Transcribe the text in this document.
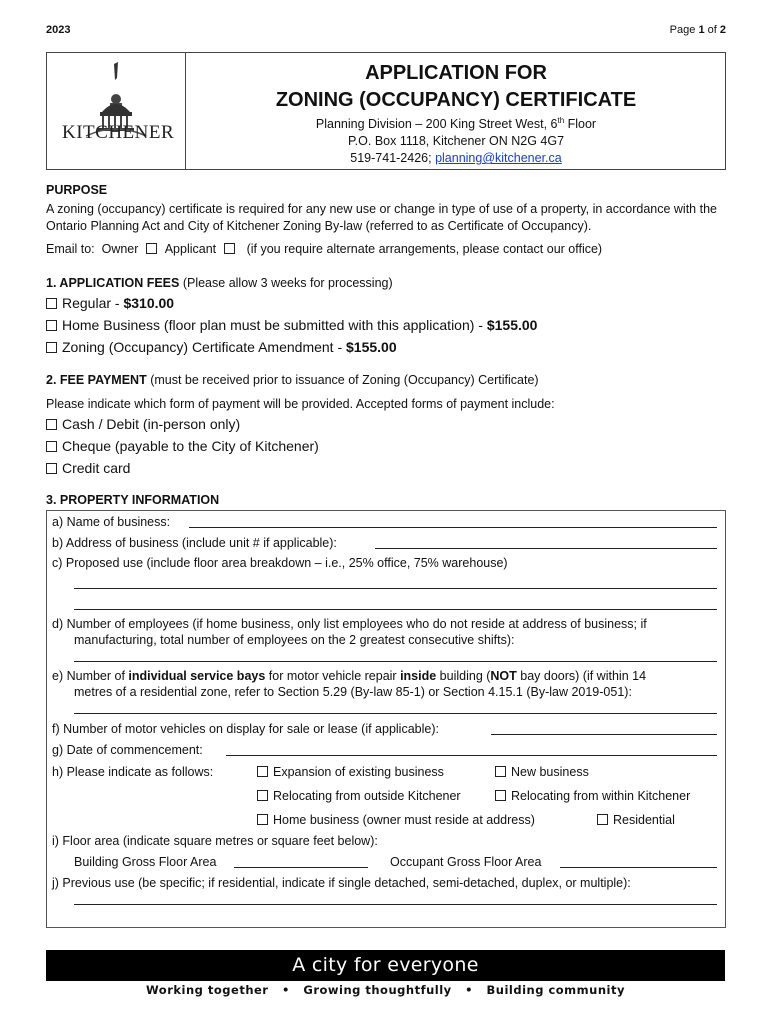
2023	Page 1 of 2
KITCHENER
APPLICATION FOR
ZONING (OCCUPANCY) CERTIFICATE
Planning Division – 200 King Street West, 6th Floor
P.O. Box 1118, Kitchener ON N2G 4G7
519-741-2426; planning@kitchener.ca
PURPOSE
A zoning (occupancy) certificate is required for any new use or change in type of use of a property, in accordance with the Ontario Planning Act and City of Kitchener Zoning By-law (referred to as Certificate of Occupancy).
Email to: Owner Applicant (if you require alternate arrangements, please contact our office)
1. APPLICATION FEES (Please allow 3 weeks for processing)
Regular - $310.00
Home Business (floor plan must be submitted with this application) - $155.00
Zoning (Occupancy) Certificate Amendment - $155.00
2. FEE PAYMENT (must be received prior to issuance of Zoning (Occupancy) Certificate)
Please indicate which form of payment will be provided. Accepted forms of payment include:
Cash / Debit (in-person only)
Cheque (payable to the City of Kitchener)
Credit card
3. PROPERTY INFORMATION
a) Name of business:
b) Address of business (include unit # if applicable):
c) Proposed use (include floor area breakdown – i.e., 25% office, 75% warehouse)
d) Number of employees (if home business, only list employees who do not reside at address of business; if
manufacturing, total number of employees on the 2 greatest consecutive shifts):
e) Number of individual service bays for motor vehicle repair inside building (NOT bay doors) (if within 14
metres of a residential zone, refer to Section 5.29 (By-law 85-1) or Section 4.15.1 (By-law 2019-051):
f) Number of motor vehicles on display for sale or lease (if applicable):
g) Date of commencement:
h) Please indicate as follows:	Expansion of existing business	New business
Relocating from outside Kitchener	Relocating from within Kitchener
Home business (owner must reside at address)	Residential
i) Floor area (indicate square metres or square feet below):
Building Gross Floor Area	Occupant Gross Floor Area
j) Previous use (be specific; if residential, indicate if single detached, semi-detached, duplex, or multiple):
A city for everyone
Working together • Growing thoughtfully • Building community
